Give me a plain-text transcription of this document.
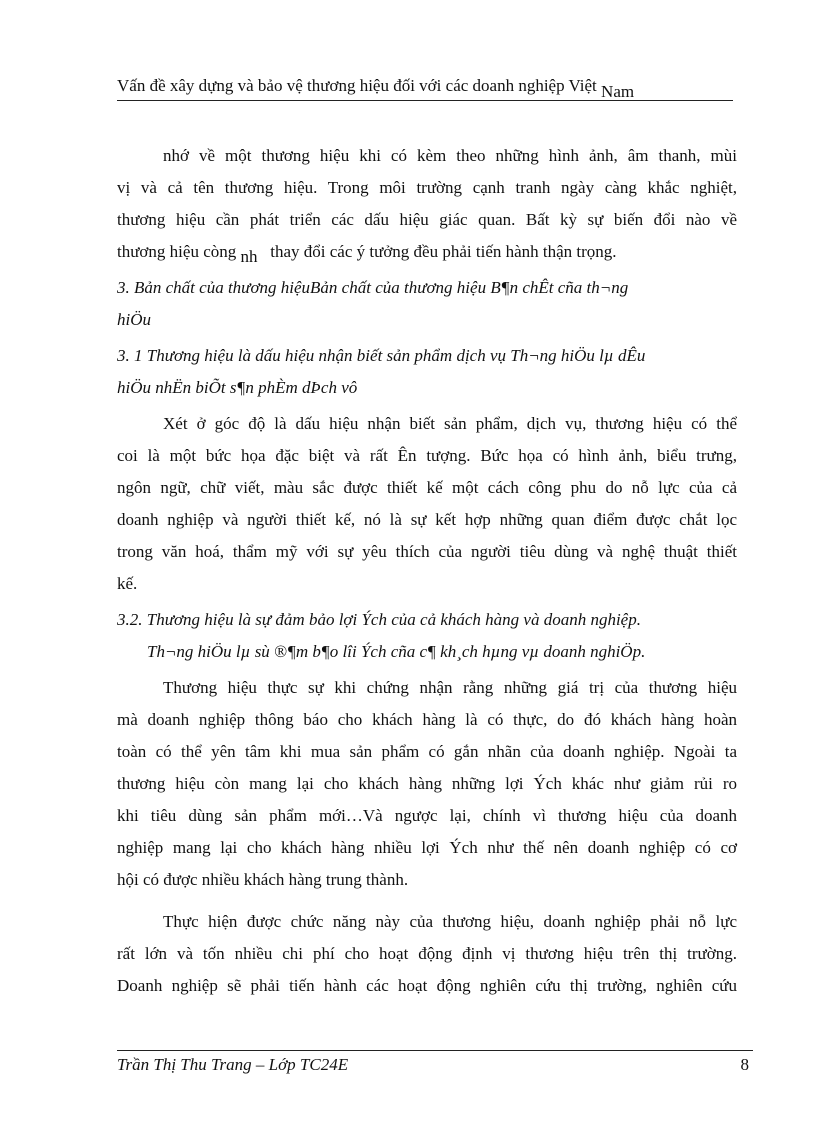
Vấn đề xây dựng và bảo vệ thương hiệu đối với các doanh nghiệp Việt Nam
nhớ về một thương hiệu khi có kèm theo những hình ảnh, âm thanh, mùi
vị và cả tên thương hiệu. Trong môi trường cạnh tranh ngày càng khắc nghiệt,
thương hiệu cần phát triển các dấu hiệu giác quan. Bất kỳ sự biến đổi nào về
thương hiệu còng nh thay đổi các ý tưởng đều phải tiến hành thận trọng.
3. Bản chất của thương hiệuBản chất của thương hiệu B¶n chÊt cña th¬ng
hiÖu
3. 1 Thương hiệu là dấu hiệu nhận biết sản phẩm dịch vụ Th¬ng hiÖu lµ dÊu
hiÖu nhËn biÕt s¶n phÈm dÞch vô
Xét ở góc độ là dấu hiệu nhận biết sản phẩm, dịch vụ, thương hiệu có thể
coi là một bức họa đặc biệt và rất Ên tượng. Bức họa có hình ảnh, biểu trưng,
ngôn ngữ, chữ viết, màu sắc được thiết kế một cách công phu do nỗ lực của cả
doanh nghiệp và người thiết kế, nó là sự kết hợp những quan điểm được chắt lọc
trong văn hoá, thẩm mỹ với sự yêu thích của người tiêu dùng và nghệ thuật thiết
kế.
3.2. Thương hiệu là sự đảm bảo lợi Ých của cả khách hàng và doanh nghiệp.
Th¬ng hiÖu lµ sù ®¶m b¶o lîi Ých cña c¶ kh¸ch hµng vµ doanh nghiÖp.
Thương hiệu thực sự khi chứng nhận rằng những giá trị của thương hiệu
mà doanh nghiệp thông báo cho khách hàng là có thực, do đó khách hàng hoàn
toàn có thể yên tâm khi mua sản phẩm có gắn nhãn của doanh nghiệp. Ngoài ta
thương hiệu còn mang lại cho khách hàng những lợi Ých khác như giảm rủi ro
khi tiêu dùng sản phẩm mới…Và ngược lại, chính vì thương hiệu của doanh
nghiệp mang lại cho khách hàng nhiều lợi Ých như thế nên doanh nghiệp có cơ
hội có được nhiều khách hàng trung thành.
Thực hiện được chức năng này của thương hiệu, doanh nghiệp phải nỗ lực
rất lớn và tốn nhiều chi phí cho hoạt động định vị thương hiệu trên thị trường.
Doanh nghiệp sẽ phải tiến hành các hoạt động nghiên cứu thị trường, nghiên cứu
Trần Thị Thu Trang – Lớp TC24E	8
